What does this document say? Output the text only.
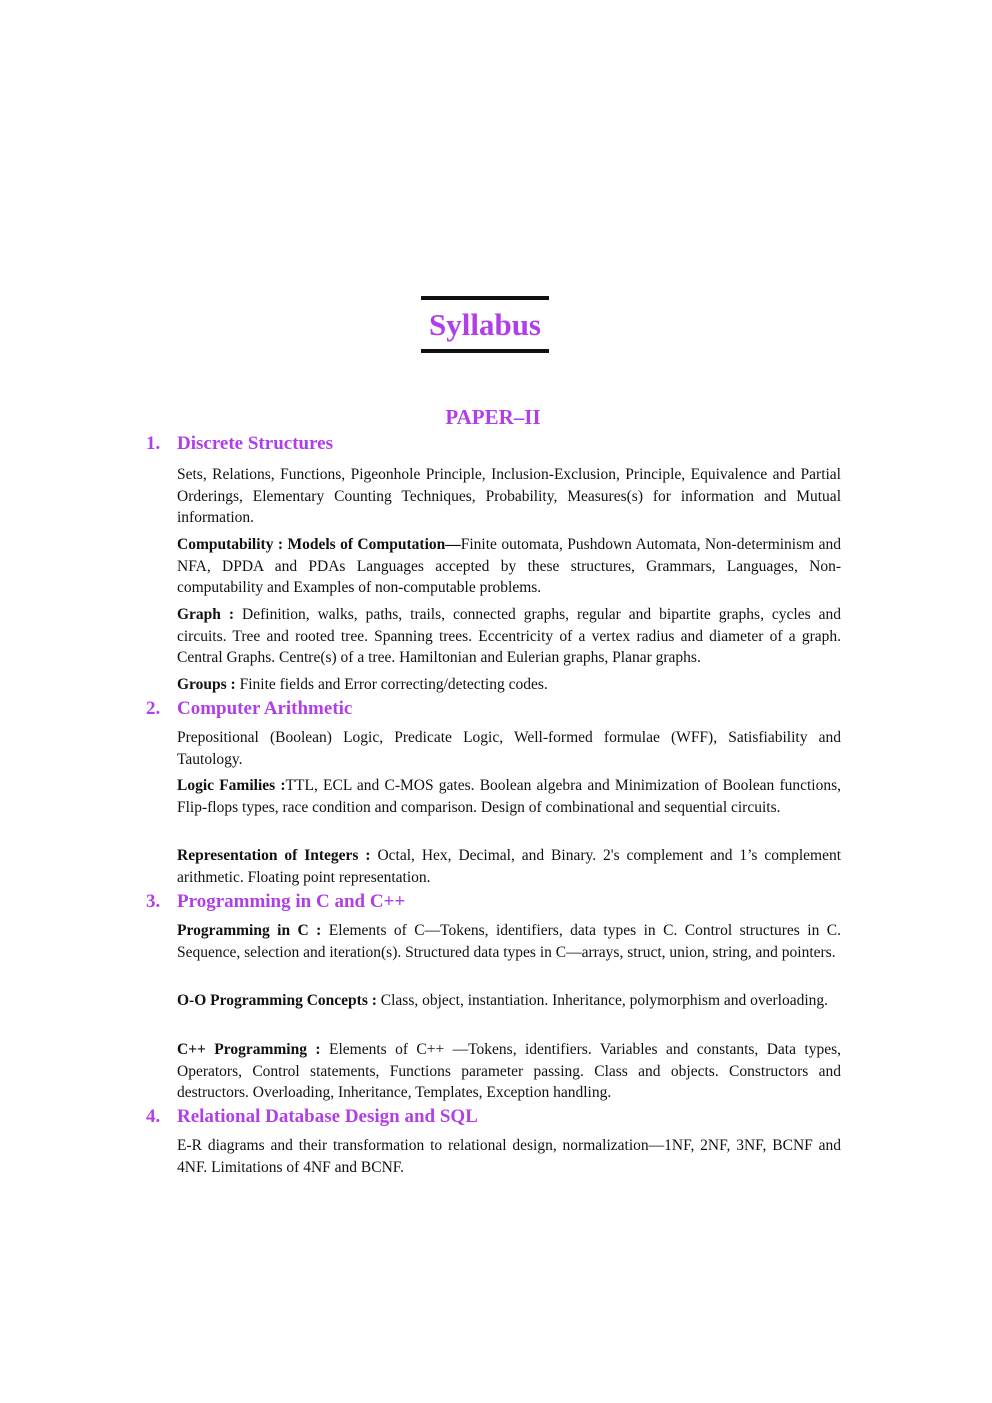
Syllabus
PAPER–II
1. Discrete Structures

Sets, Relations, Functions, Pigeonhole Principle, Inclusion-Exclusion, Principle, Equivalence and Partial Orderings, Elementary Counting Techniques, Probability, Measures(s) for information and Mutual information.

Computability : Models of Computation—Finite outomata, Pushdown Automata, Non-determinism and NFA, DPDA and PDAs Languages accepted by these structures, Grammars, Languages, Non-computability and Examples of non-computable problems.

Graph : Definition, walks, paths, trails, connected graphs, regular and bipartite graphs, cycles and circuits. Tree and rooted tree. Spanning trees. Eccentricity of a vertex radius and diameter of a graph. Central Graphs. Centre(s) of a tree. Hamiltonian and Eulerian graphs, Planar graphs.

Groups : Finite fields and Error correcting/detecting codes.

2. Computer Arithmetic

Prepositional (Boolean) Logic, Predicate Logic, Well-formed formulae (WFF), Satisfiability and Tautology.

Logic Families :TTL, ECL and C-MOS gates. Boolean algebra and Minimization of Boolean functions, Flip-flops types, race condition and comparison. Design of combinational and sequential circuits.

Representation of Integers : Octal, Hex, Decimal, and Binary. 2's complement and 1’s complement arithmetic. Floating point representation.

3. Programming in C and C++

Programming in C : Elements of C—Tokens, identifiers, data types in C. Control structures in C. Sequence, selection and iteration(s). Structured data types in C—arrays, struct, union, string, and pointers.

O-O Programming Concepts : Class, object, instantiation. Inheritance, polymorphism and overloading.

C++ Programming : Elements of C++ —Tokens, identifiers. Variables and constants, Data types, Operators, Control statements, Functions parameter passing. Class and objects. Constructors and destructors. Overloading, Inheritance, Templates, Exception handling.

4. Relational Database Design and SQL

E-R diagrams and their transformation to relational design, normalization—1NF, 2NF, 3NF, BCNF and 4NF. Limitations of 4NF and BCNF.
